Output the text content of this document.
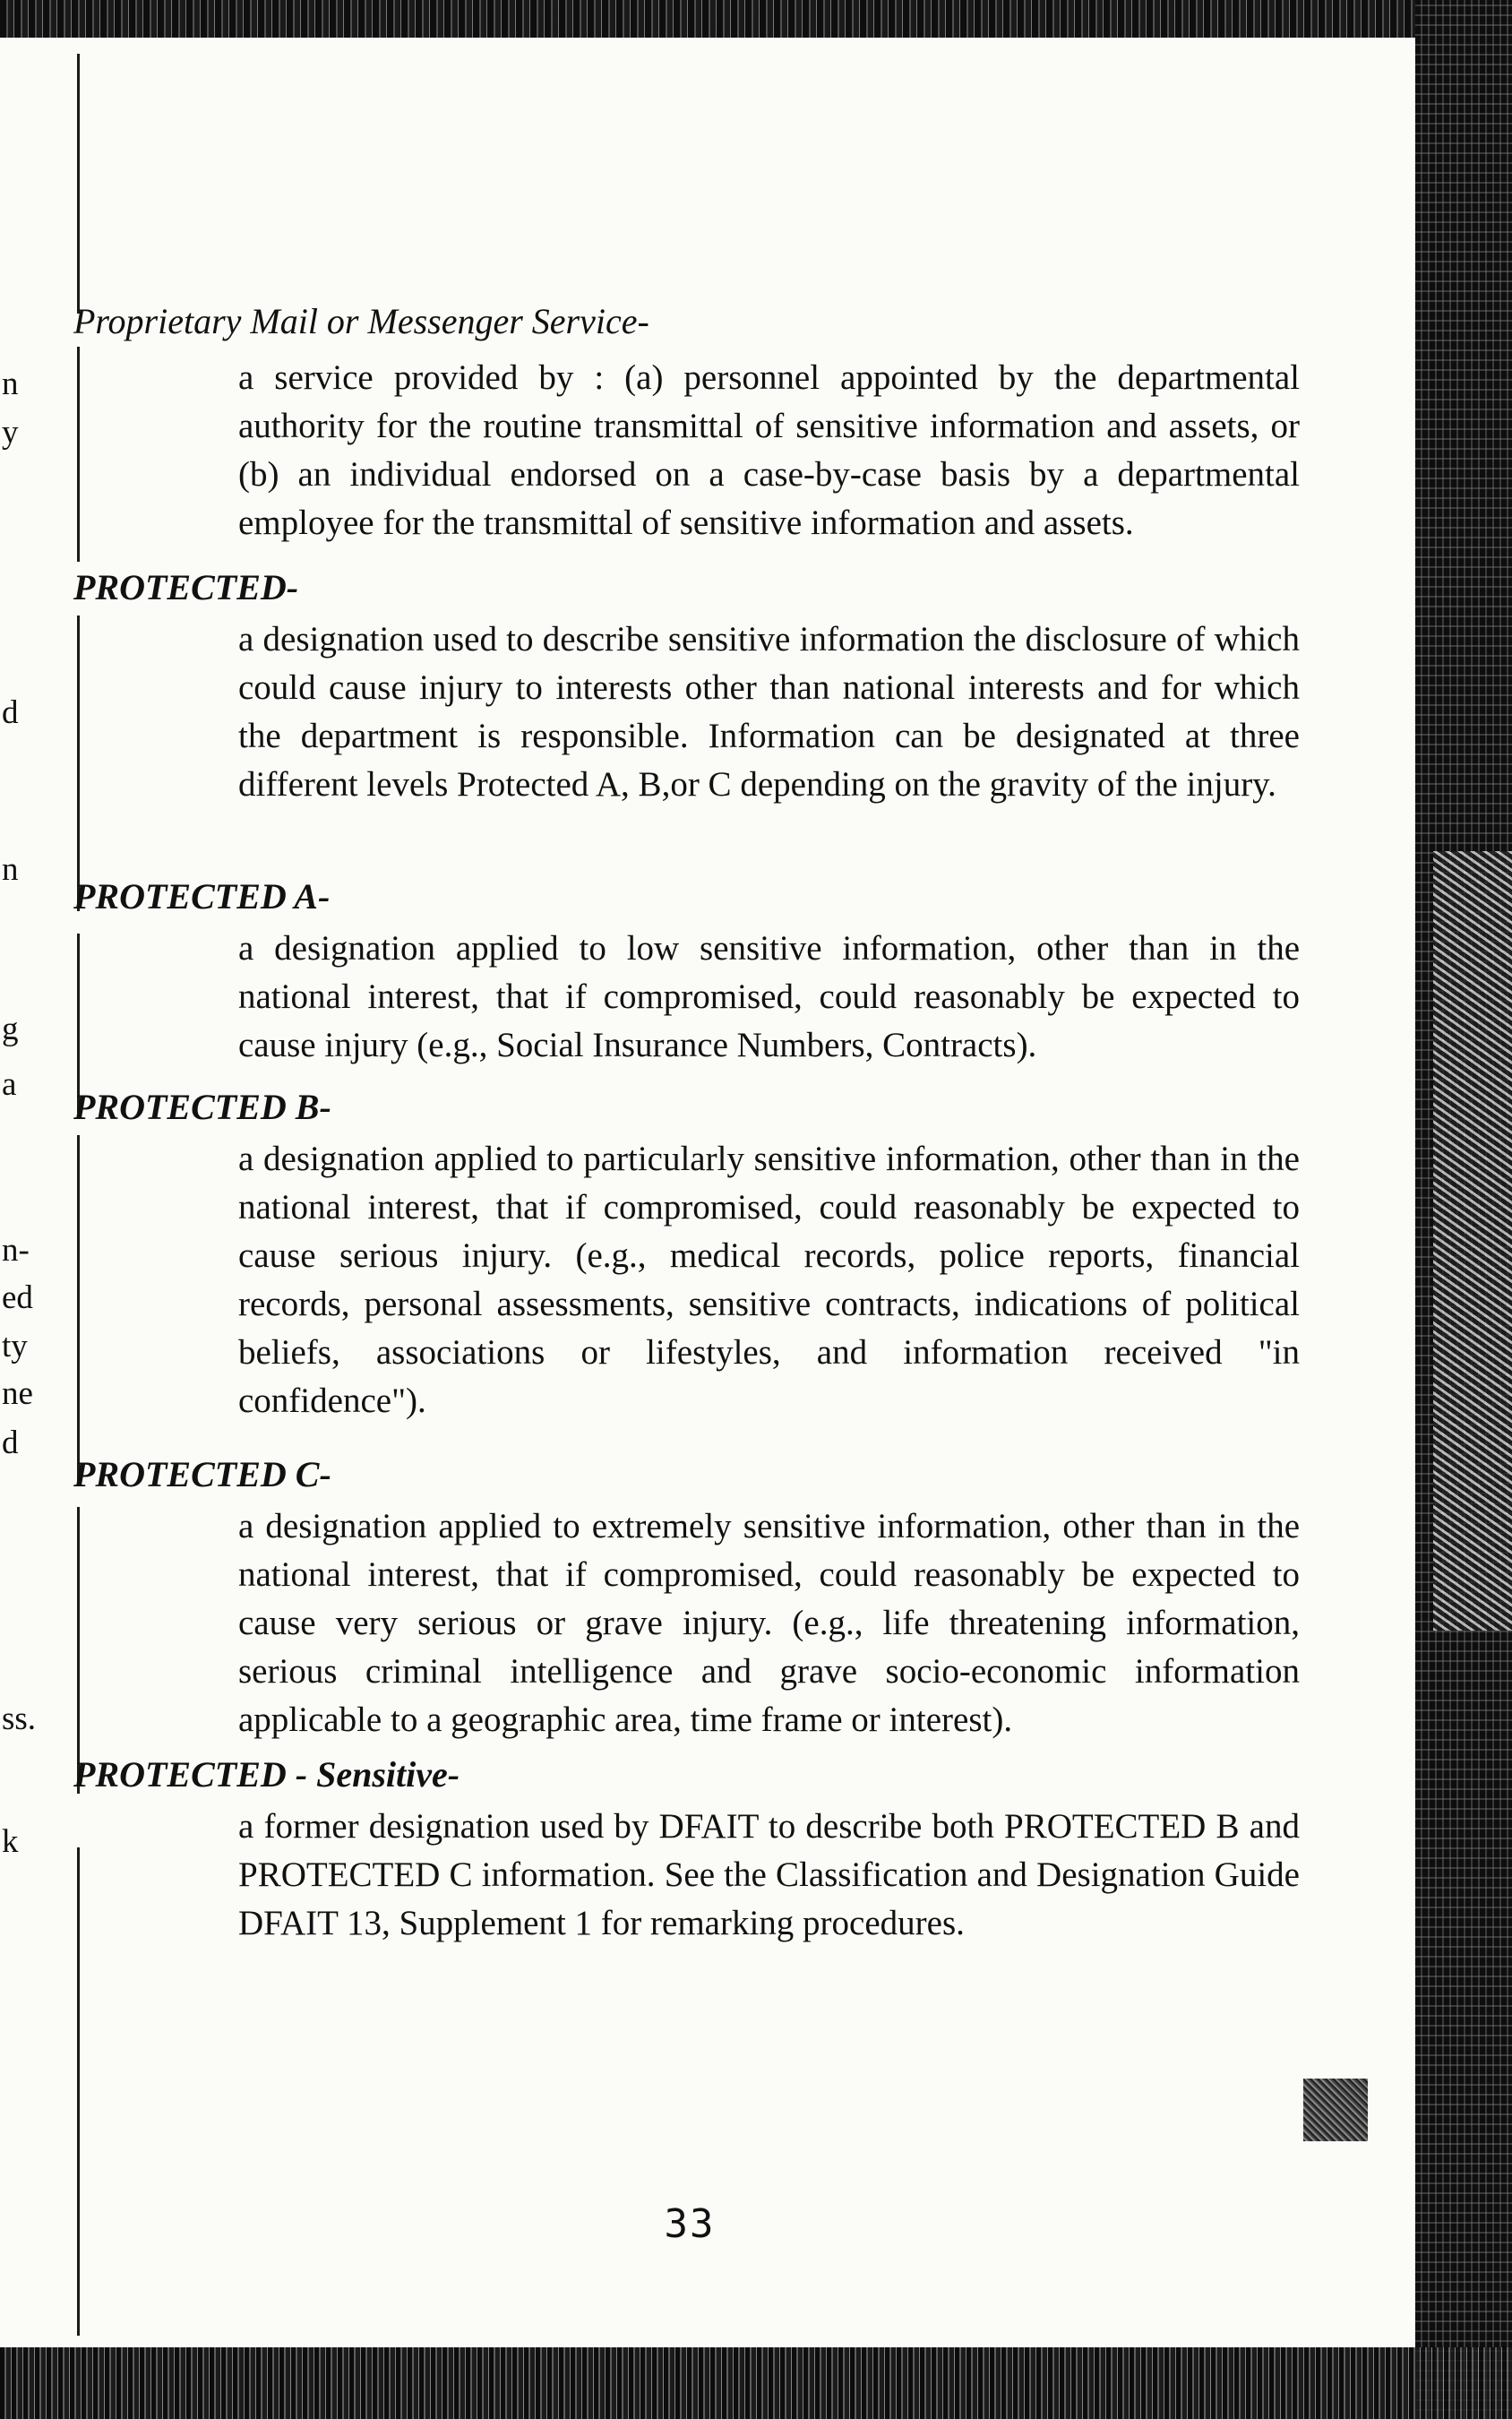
n
y
d
n
g
a
n-
ed
ty
ne
d
ss.
k
Proprietary Mail or Messenger Service-

a service provided by : (a) personnel appointed by the departmental authority for the routine transmittal of sensitive information and assets, or (b) an individual endorsed on a case-by-case basis by a departmental employee for the transmittal of sensitive information and assets.

PROTECTED-

a designation used to describe sensitive information the disclosure of which could cause injury to interests other than national interests and for which the department is responsible. Information can be designated at three different levels Protected A, B,or C depending on the gravity of the injury.

PROTECTED A-

a designation applied to low sensitive information, other than in the national interest, that if compromised, could reasonably be expected to cause injury (e.g., Social Insurance Numbers, Contracts).

PROTECTED B-

a designation applied to particularly sensitive information, other than in the national interest, that if compromised, could reasonably be expected to cause serious injury. (e.g., medical records, police reports, financial records, personal assessments, sensitive contracts, indications of political beliefs, associations or lifestyles, and information received "in confidence").

PROTECTED C-

a designation applied to extremely sensitive information, other than in the national interest, that if compromised, could reasonably be expected to cause very serious or grave injury. (e.g., life threatening information, serious criminal intelligence and grave socio-economic information applicable to a geographic area, time frame or interest).

PROTECTED - Sensitive-

a former designation used by DFAIT to describe both PROTECTED B and PROTECTED C information. See the Classification and Designation Guide DFAIT 13, Supplement 1 for remarking procedures.

33
